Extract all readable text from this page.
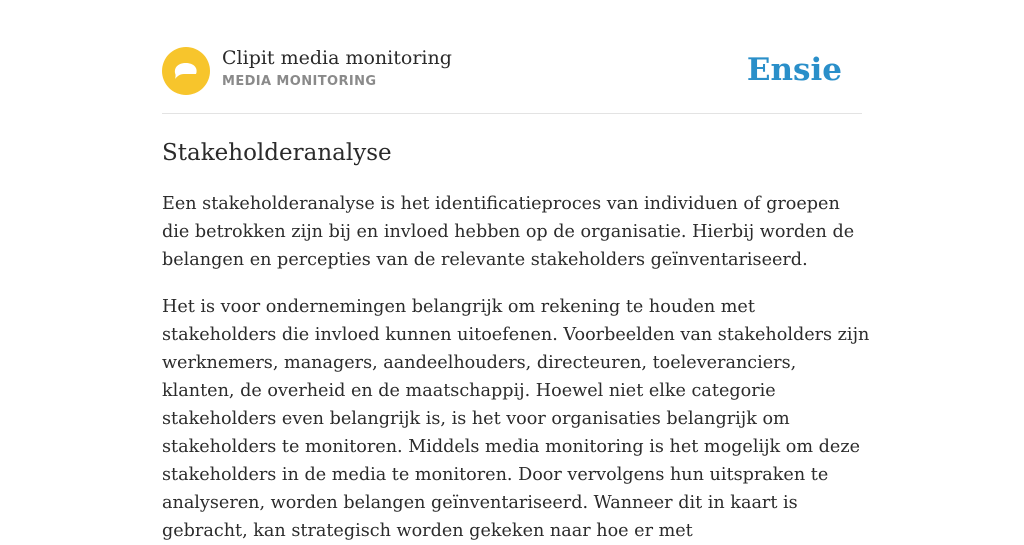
Clipit media monitoring
MEDIA MONITORING	Ensie
Stakeholderanalyse

Een stakeholderanalyse is het identificatieproces van individuen of groepen die betrokken zijn bij en invloed hebben op de organisatie. Hierbij worden de belangen en percepties van de relevante stakeholders geïnventariseerd.

Het is voor ondernemingen belangrijk om rekening te houden met stakeholders die invloed kunnen uitoefenen. Voorbeelden van stakeholders zijn werknemers, managers, aandeelhouders, directeuren, toeleveranciers, klanten, de overheid en de maatschappij. Hoewel niet elke categorie stakeholders even belangrijk is, is het voor organisaties belangrijk om stakeholders te monitoren. Middels media monitoring is het mogelijk om deze stakeholders in de media te monitoren. Door vervolgens hun uitspraken te analyseren, worden belangen geïnventariseerd. Wanneer dit in kaart is gebracht, kan strategisch worden gekeken naar hoe er met
